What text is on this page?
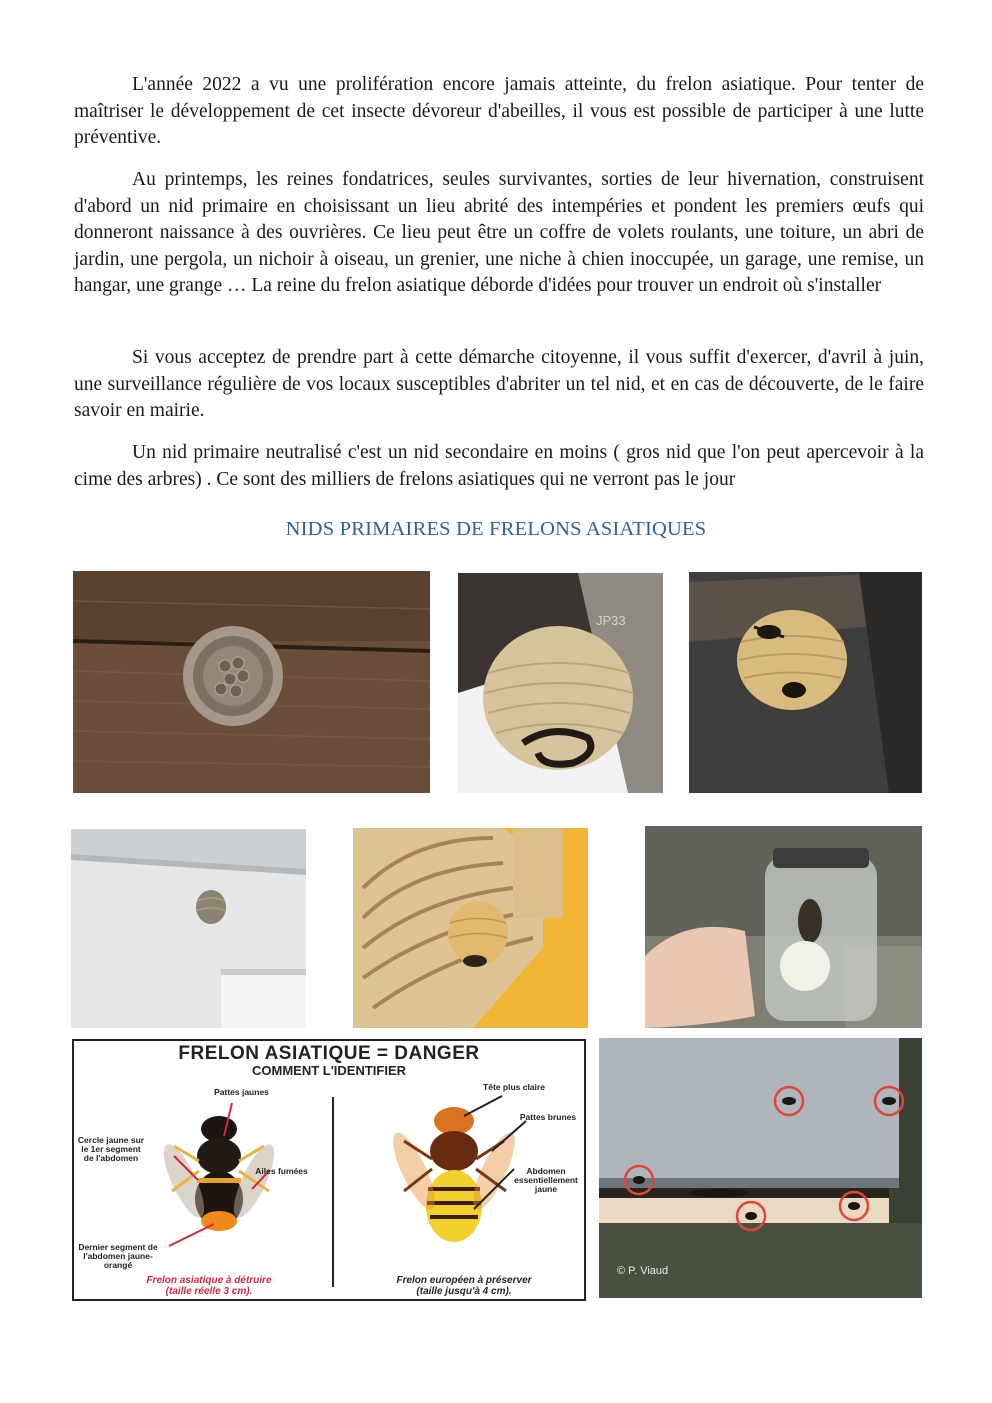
L'année 2022 a vu une prolifération encore jamais atteinte, du frelon asiatique. Pour tenter de maîtriser le développement de cet insecte dévoreur d'abeilles, il vous est possible de participer à une lutte préventive.

Au printemps, les reines fondatrices, seules survivantes, sorties de leur hivernation, construisent d'abord un nid primaire en choisissant un lieu abrité des intempéries et pondent les premiers œufs qui donneront naissance à des ouvrières. Ce lieu peut être un coffre de volets roulants, une toiture, un abri de jardin, une pergola, un nichoir à oiseau, un grenier, une niche à chien inoccupée, un garage, une remise, un hangar, une grange … La reine du frelon asiatique déborde d'idées pour trouver un endroit où s'installer

Si vous acceptez de prendre part à cette démarche citoyenne, il vous suffit d'exercer, d'avril à juin, une surveillance régulière de vos locaux susceptibles d'abriter un tel nid, et en cas de découverte, de le faire savoir en mairie.

Un nid primaire neutralisé c'est un nid secondaire en moins ( gros nid que l'on peut apercevoir à la cime des arbres) . Ce sont des milliers de frelons asiatiques qui ne verront pas le jour

NIDS PRIMAIRES DE FRELONS ASIATIQUES
JP33
FRELON ASIATIQUE = DANGER
COMMENT L'IDENTIFIER
Pattes jaunes
Cercle jaune sur le 1er segment de l'abdomen
Ailes fumées
Dernier segment de l'abdomen jaune-orangé
Tête plus claire
Pattes brunes
Abdomen essentiellement jaune
Frelon asiatique à détruire
(taille réelle 3 cm).
Frelon européen à préserver
(taille jusqu'à 4 cm).
© P. Viaud
